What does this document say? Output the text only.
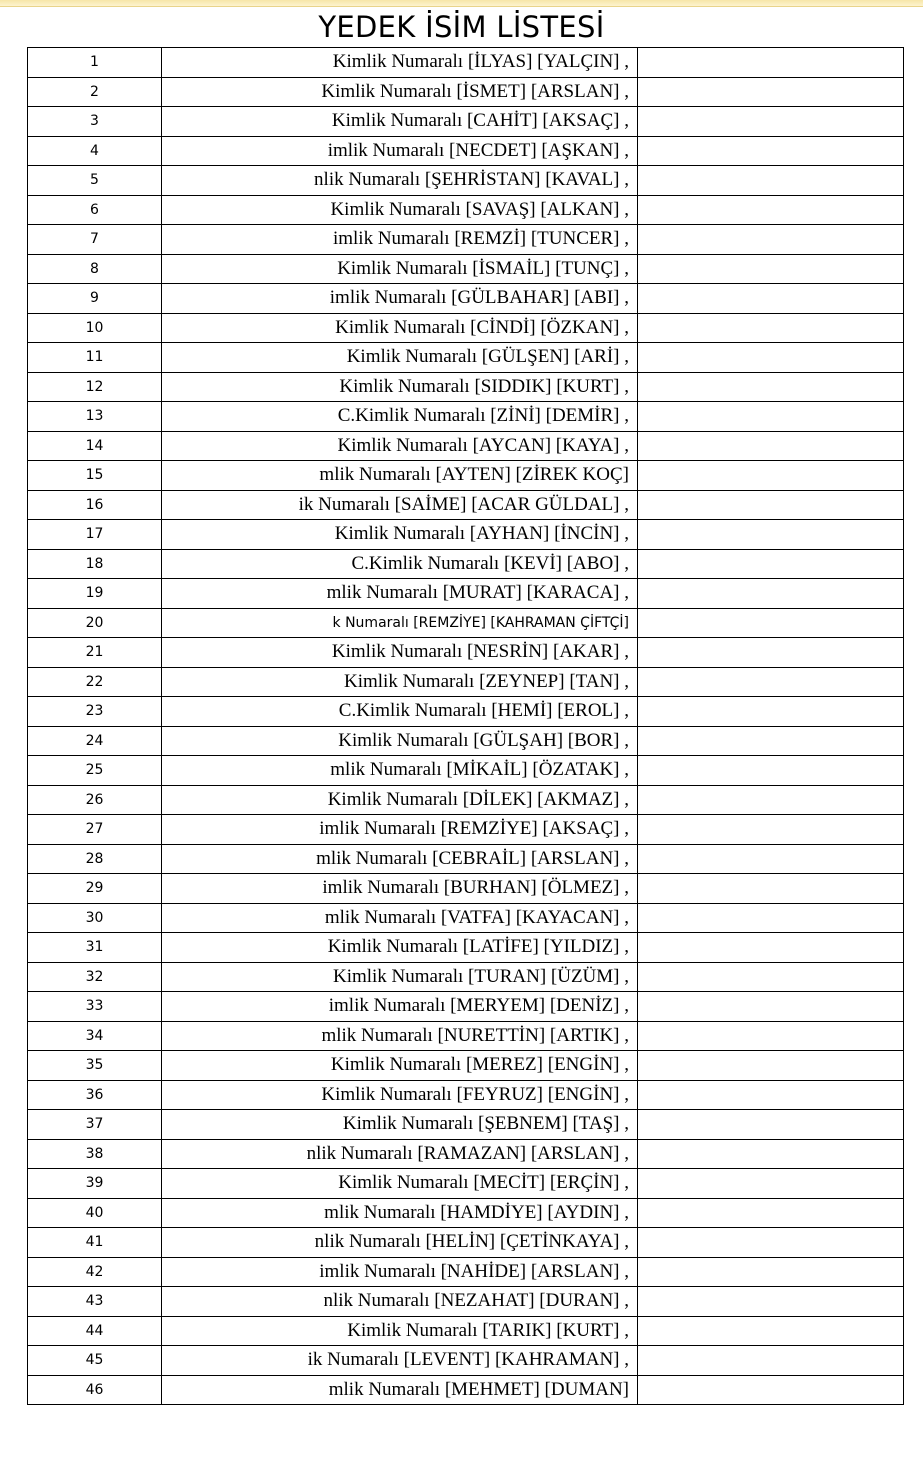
YEDEK İSİM LİSTESİ
1	Kimlik Numaralı [İLYAS] [YALÇIN] ,	

2	Kimlik Numaralı [İSMET] [ARSLAN] ,	

3	Kimlik Numaralı [CAHİT] [AKSAÇ] ,	

4	imlik Numaralı [NECDET] [AŞKAN] ,	

5	nlik Numaralı [ŞEHRİSTAN] [KAVAL] ,	

6	Kimlik Numaralı [SAVAŞ] [ALKAN] ,	

7	imlik Numaralı [REMZİ] [TUNCER] ,	

8	Kimlik Numaralı [İSMAİL] [TUNÇ] ,	

9	imlik Numaralı [GÜLBAHAR] [ABI] ,	

10	Kimlik Numaralı [CİNDİ] [ÖZKAN] ,	

11	Kimlik Numaralı [GÜLŞEN] [ARİ] ,	

12	Kimlik Numaralı [SIDDIK] [KURT] ,	

13	C.Kimlik Numaralı [ZİNİ] [DEMİR] ,	

14	Kimlik Numaralı [AYCAN] [KAYA] ,	

15	mlik Numaralı [AYTEN] [ZİREK KOÇ]	

16	ik Numaralı [SAİME] [ACAR GÜLDAL] ,	

17	Kimlik Numaralı [AYHAN] [İNCİN] ,	

18	C.Kimlik Numaralı [KEVİ] [ABO] ,	

19	mlik Numaralı [MURAT] [KARACA] ,	

20	k Numaralı [REMZİYE] [KAHRAMAN ÇİFTÇİ]	

21	Kimlik Numaralı [NESRİN] [AKAR] ,	

22	Kimlik Numaralı [ZEYNEP] [TAN] ,	

23	C.Kimlik Numaralı [HEMİ] [EROL] ,	

24	Kimlik Numaralı [GÜLŞAH] [BOR] ,	

25	mlik Numaralı [MİKAİL] [ÖZATAK] ,	

26	Kimlik Numaralı [DİLEK] [AKMAZ] ,	

27	imlik Numaralı [REMZİYE] [AKSAÇ] ,	

28	mlik Numaralı [CEBRAİL] [ARSLAN] ,	

29	imlik Numaralı [BURHAN] [ÖLMEZ] ,	

30	mlik Numaralı [VATFA] [KAYACAN] ,	

31	Kimlik Numaralı [LATİFE] [YILDIZ] ,	

32	Kimlik Numaralı [TURAN] [ÜZÜM] ,	

33	imlik Numaralı [MERYEM] [DENİZ] ,	

34	mlik Numaralı [NURETTİN] [ARTIK] ,	

35	Kimlik Numaralı [MEREZ] [ENGİN] ,	

36	Kimlik Numaralı [FEYRUZ] [ENGİN] ,	

37	Kimlik Numaralı [ŞEBNEM] [TAŞ] ,	

38	nlik Numaralı [RAMAZAN] [ARSLAN] ,	

39	Kimlik Numaralı [MECİT] [ERÇİN] ,	

40	mlik Numaralı [HAMDİYE] [AYDIN] ,	

41	nlik Numaralı [HELİN] [ÇETİNKAYA] ,	

42	imlik Numaralı [NAHİDE] [ARSLAN] ,	

43	nlik Numaralı [NEZAHAT] [DURAN] ,	

44	Kimlik Numaralı [TARIK] [KURT] ,	

45	ik Numaralı [LEVENT] [KAHRAMAN] ,	

46	mlik Numaralı [MEHMET] [DUMAN]	
